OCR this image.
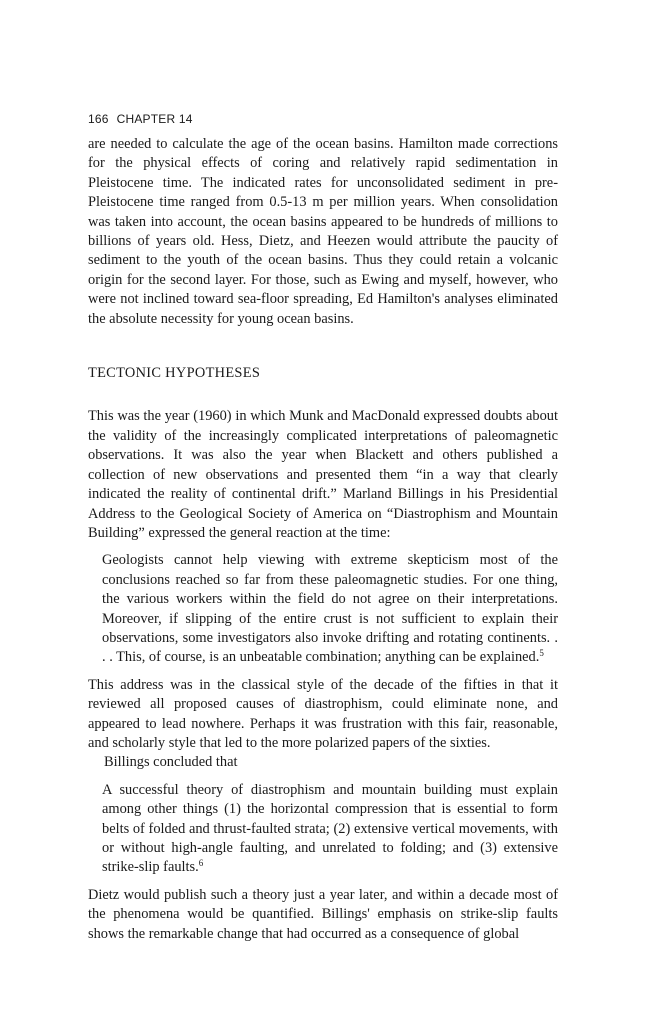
166 CHAPTER 14

are needed to calculate the age of the ocean basins. Hamilton made corrections for the physical effects of coring and relatively rapid sedimentation in Pleistocene time. The indicated rates for unconsolidated sediment in pre-Pleistocene time ranged from 0.5-13 m per million years. When consolidation was taken into account, the ocean basins appeared to be hundreds of millions to billions of years old. Hess, Dietz, and Heezen would attribute the paucity of sediment to the youth of the ocean basins. Thus they could retain a volcanic origin for the second layer. For those, such as Ewing and myself, however, who were not inclined toward sea-floor spreading, Ed Hamilton's analyses eliminated the absolute necessity for young ocean basins.

TECTONIC HYPOTHESES

This was the year (1960) in which Munk and MacDonald expressed doubts about the validity of the increasingly complicated interpretations of paleomagnetic observations. It was also the year when Blackett and others published a collection of new observations and presented them “in a way that clearly indicated the reality of continental drift.” Marland Billings in his Presidential Address to the Geological Society of America on “Diastrophism and Mountain Building” expressed the general reaction at the time:

Geologists cannot help viewing with extreme skepticism most of the conclusions reached so far from these paleomagnetic studies. For one thing, the various workers within the field do not agree on their interpretations. Moreover, if slipping of the entire crust is not sufficient to explain their observations, some investigators also invoke drifting and rotating continents. . . . This, of course, is an unbeatable combination; anything can be explained.$^5$

This address was in the classical style of the decade of the fifties in that it reviewed all proposed causes of diastrophism, could eliminate none, and appeared to lead nowhere. Perhaps it was frustration with this fair, reasonable, and scholarly style that led to the more polarized papers of the sixties.

Billings concluded that

A successful theory of diastrophism and mountain building must explain among other things (1) the horizontal compression that is essential to form belts of folded and thrust-faulted strata; (2) extensive vertical movements, with or without high-angle faulting, and unrelated to folding; and (3) extensive strike-slip faults.$^6$

Dietz would publish such a theory just a year later, and within a decade most of the phenomena would be quantified. Billings' emphasis on strike-slip faults shows the remarkable change that had occurred as a consequence of global
